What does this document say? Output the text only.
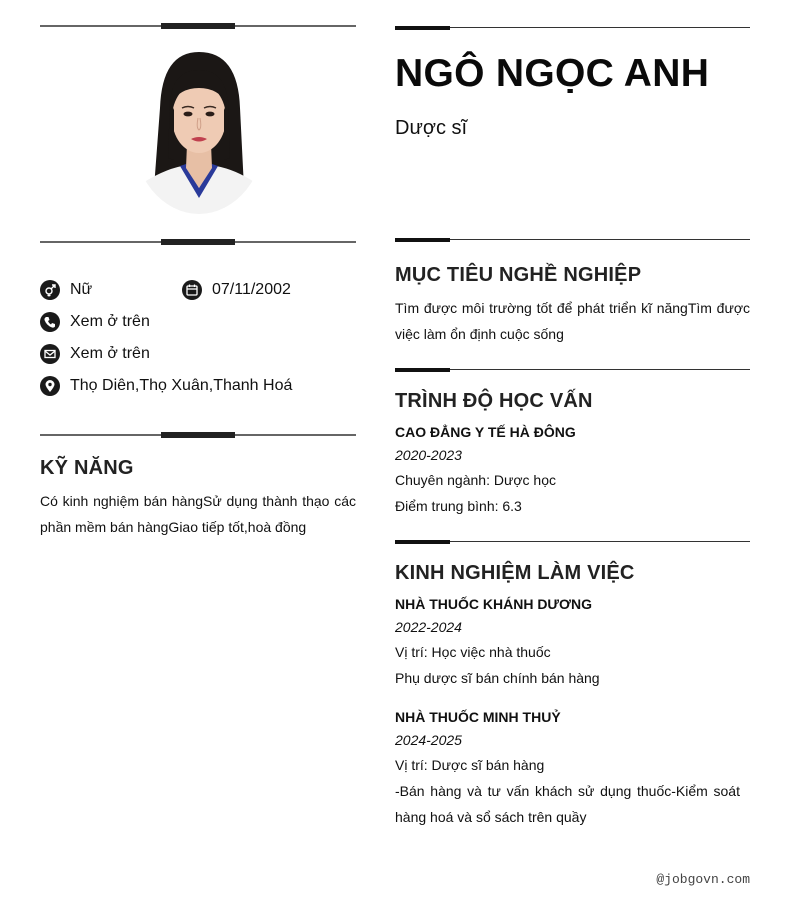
Nữ	07/11/2002
Xem ở trên
Xem ở trên
Thọ Diên,Thọ Xuân,Thanh Hoá
KỸ NĂNG
Có kinh nghiệm bán hàngSử dụng thành thạo các phần mềm bán hàngGiao tiếp tốt,hoà đồng
NGÔ NGỌC ANH
Dược sĩ
MỤC TIÊU NGHỀ NGHIỆP
Tìm được môi trường tốt để phát triển kĩ năngTìm được việc làm ổn định cuộc sống
TRÌNH ĐỘ HỌC VẤN
CAO ĐẲNG Y TẾ HÀ ĐÔNG
2020-2023
Chuyên ngành: Dược học
Điểm trung bình: 6.3
KINH NGHIỆM LÀM VIỆC
NHÀ THUỐC KHÁNH DƯƠNG
2022-2024
Vị trí: Học việc nhà thuốc
Phụ dược sĩ bán chính bán hàng
NHÀ THUỐC MINH THUỶ
2024-2025
Vị trí: Dược sĩ bán hàng
-Bán hàng và tư vấn khách sử dụng thuốc-Kiểm soát hàng hoá và sổ sách trên quầy
@jobgovn.com
